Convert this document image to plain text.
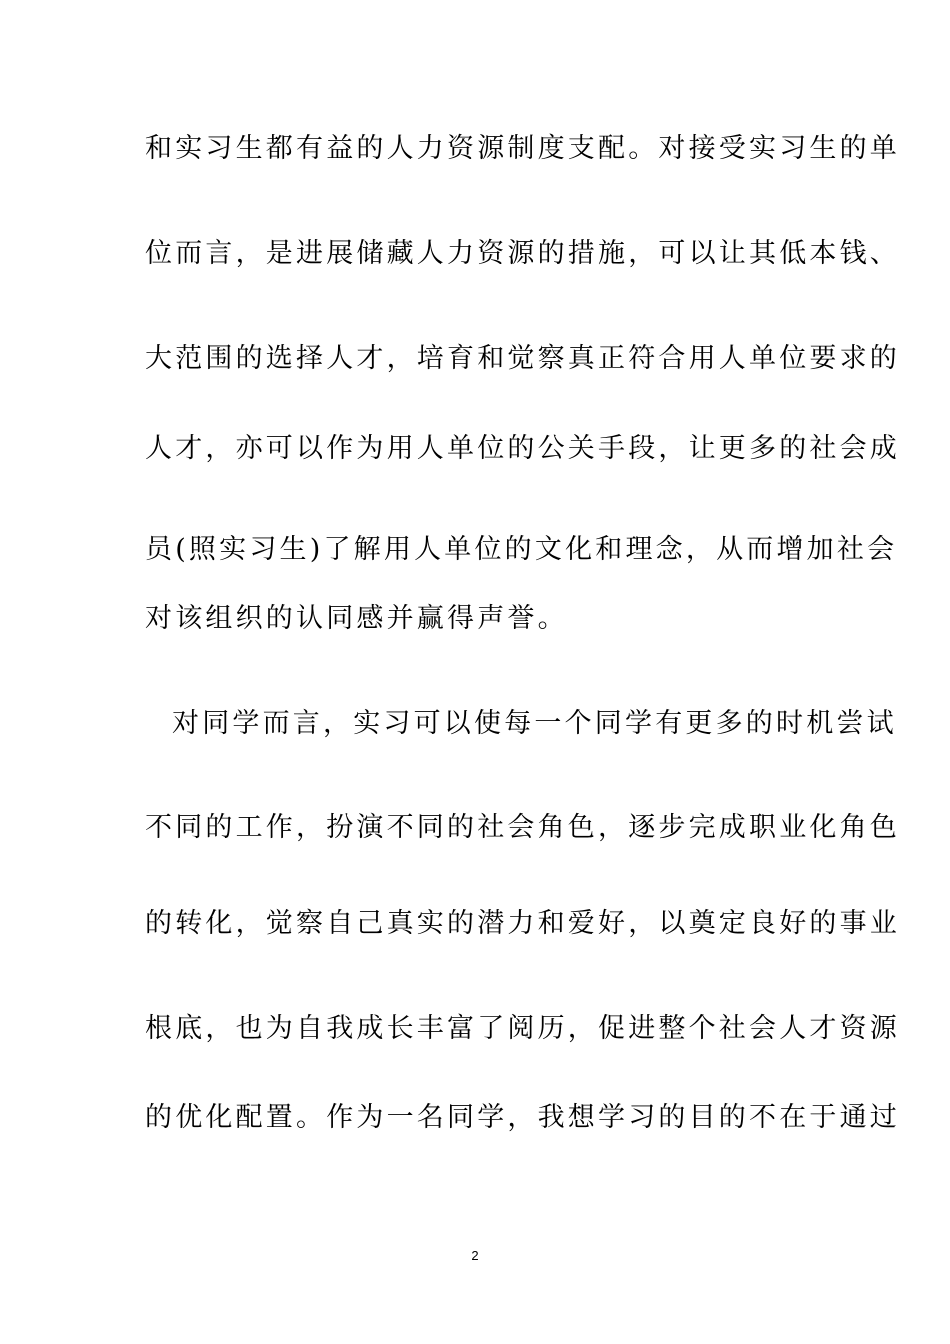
和实习生都有益的人力资源制度支配。对接受实习生的单
位而言，是进展储藏人力资源的措施，可以让其低本钱、
大范围的选择人才，培育和觉察真正符合用人单位要求的
人才，亦可以作为用人单位的公关手段，让更多的社会成
员(照实习生)了解用人单位的文化和理念，从而增加社会
对该组织的认同感并赢得声誉。
对同学而言，实习可以使每一个同学有更多的时机尝试
不同的工作，扮演不同的社会角色，逐步完成职业化角色
的转化，觉察自己真实的潜力和爱好，以奠定良好的事业
根底，也为自我成长丰富了阅历，促进整个社会人才资源
的优化配置。作为一名同学，我想学习的目的不在于通过
2
